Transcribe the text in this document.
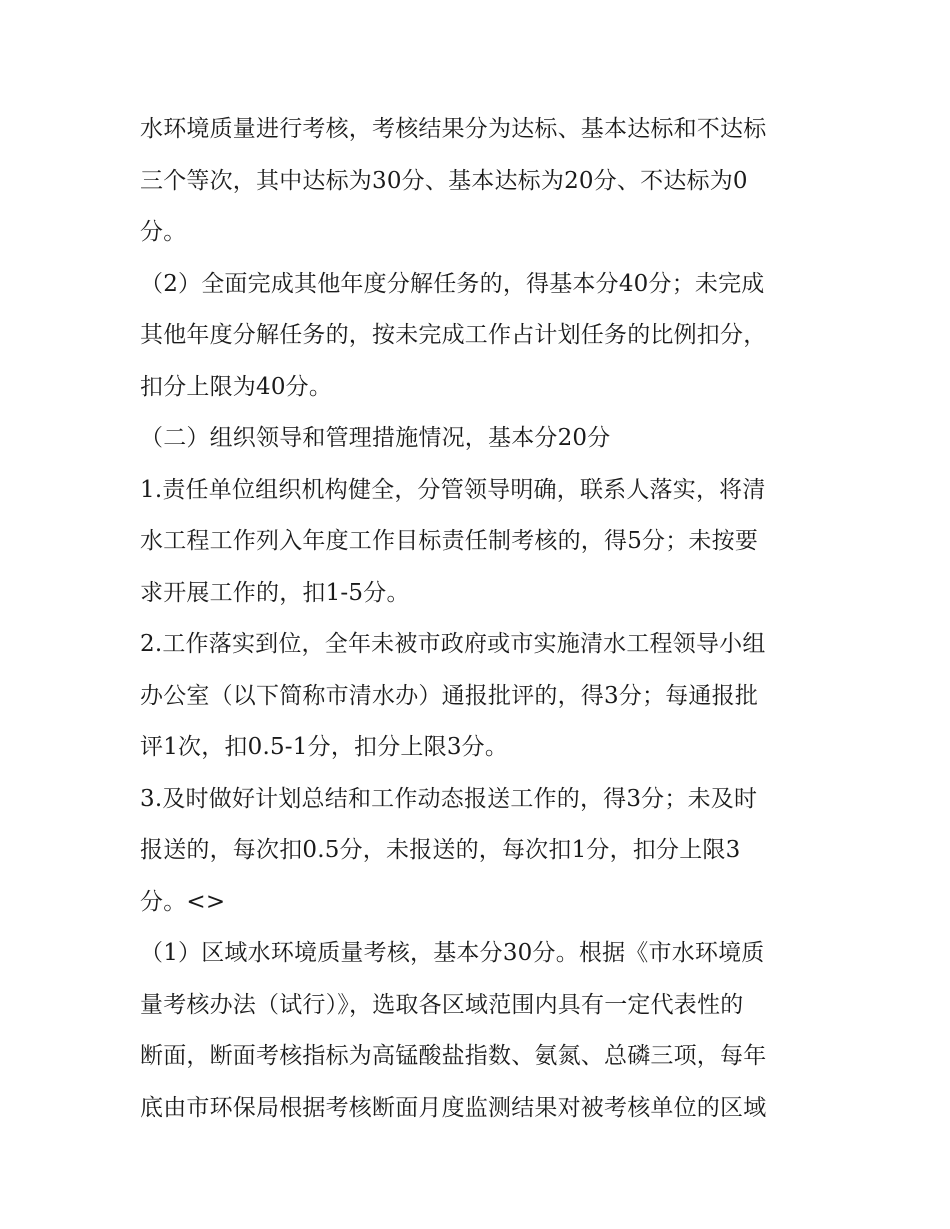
水环境质量进行考核，考核结果分为达标、基本达标和不达标
三个等次，其中达标为30分、基本达标为20分、不达标为0
分。
（2）全面完成其他年度分解任务的，得基本分40分；未完成
其他年度分解任务的，按未完成工作占计划任务的比例扣分，
扣分上限为40分。
（二）组织领导和管理措施情况，基本分20分
1.责任单位组织机构健全，分管领导明确，联系人落实，将清
水工程工作列入年度工作目标责任制考核的，得5分；未按要
求开展工作的，扣1-5分。
2.工作落实到位，全年未被市政府或市实施清水工程领导小组
办公室（以下简称市清水办）通报批评的，得3分；每通报批
评1次，扣0.5-1分，扣分上限3分。
3.及时做好计划总结和工作动态报送工作的，得3分；未及时
报送的，每次扣0.5分，未报送的，每次扣1分，扣分上限3
分。<>
（1）区域水环境质量考核，基本分30分。根据《市水环境质
量考核办法（试行）》，选取各区域范围内具有一定代表性的
断面，断面考核指标为高锰酸盐指数、氨氮、总磷三项，每年
底由市环保局根据考核断面月度监测结果对被考核单位的区域
